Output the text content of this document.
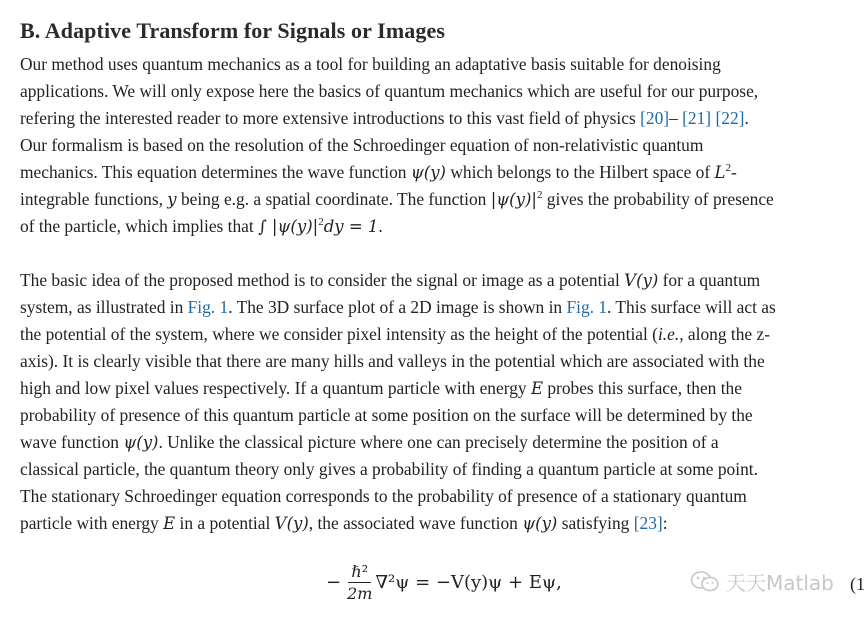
B. Adaptive Transform for Signals or Images
Our method uses quantum mechanics as a tool for building an adaptative basis suitable for denoising
applications. We will only expose here the basics of quantum mechanics which are useful for our purpose,
refering the interested reader to more extensive introductions to this vast field of physics [20]– [21] [22].
Our formalism is based on the resolution of the Schroedinger equation of non-relativistic quantum
mechanics. This equation determines the wave function ψ(y) which belongs to the Hilbert space of $L^2-$
integrable functions, y being e.g. a spatial coordinate. The function $|\psi(y)|^2$ gives the probability of presence
of the particle, which implies that ∫ $|\psi(y)|^2dy = 1$.
The basic idea of the proposed method is to consider the signal or image as a potential V(y) for a quantum
system, as illustrated in Fig. 1. The 3D surface plot of a 2D image is shown in Fig. 1. This surface will act as
the potential of the system, where we consider pixel intensity as the height of the potential (i.e., along the z-
axis). It is clearly visible that there are many hills and valleys in the potential which are associated with the
high and low pixel values respectively. If a quantum particle with energy E probes this surface, then the
probability of presence of this quantum particle at some position on the surface will be determined by the
wave function ψ(y). Unlike the classical picture where one can precisely determine the position of a
classical particle, the quantum theory only gives a probability of finding a quantum particle at some point.
The stationary Schroedinger equation corresponds to the probability of presence of a stationary quantum
particle with energy E in a potential V(y), the associated wave function ψ(y) satisfying [23]:
− $\frac{\text{ℏ²}}{2m} \nabla^2\psi = -V(y)\psi + E\psi$,	天天Matlab (1
